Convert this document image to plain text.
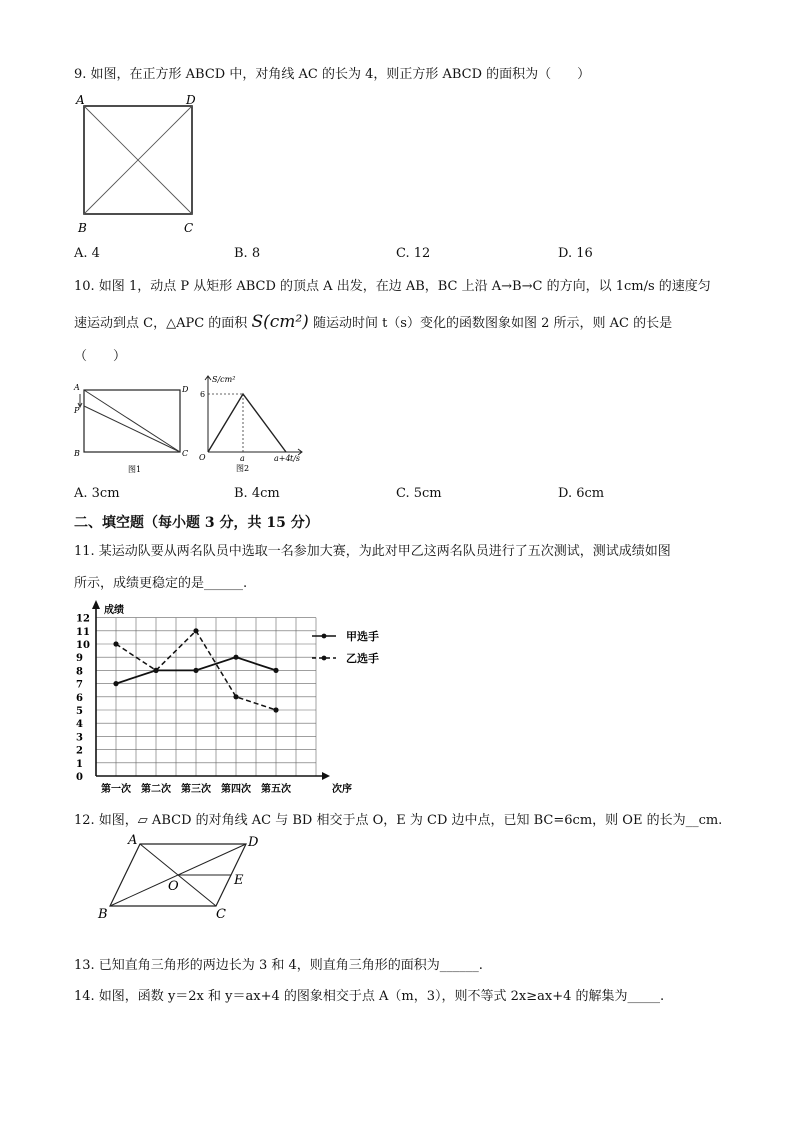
9. 如图，在正方形 ABCD 中，对角线 AC 的长为 4，则正方形 ABCD 的面积为（　　）
A	D
B	C
A. 4	B. 8	C. 12	D. 16
10. 如图 1，动点 P 从矩形 ABCD 的顶点 A 出发，在边 AB，BC 上沿 A→B→C 的方向，以 1cm/s 的速度匀
速运动到点 C，△APC 的面积 S(cm²) 随运动时间 t（s）变化的函数图象如图 2 所示，则 AC 的长是
（　　）
A	D
P
B	C
图1
S/cm²
6
O	a	a+4 t/s
图2
A. 3cm	B. 4cm	C. 5cm	D. 6cm
二、填空题（每小题 3 分，共 15 分）
11. 某运动队要从两名队员中选取一名参加大赛，为此对甲乙这两名队员进行了五次测试，测试成绩如图
所示，成绩更稳定的是______.
成绩
次序
0
1
2
3
4
5
6
7
8
9
10
11
12
第一次 第二次 第三次 第四次 第五次
甲选手
乙选手
12. 如图，▱ ABCD 的对角线 AC 与 BD 相交于点 O，E 为 CD 边中点，已知 BC=6cm，则 OE 的长为__cm.
A	D
O	E
B	C
13. 已知直角三角形的两边长为 3 和 4，则直角三角形的面积为______.
14. 如图，函数 y＝2x 和 y＝ax+4 的图象相交于点 A（m，3），则不等式 2x≥ax+4 的解集为_____.
